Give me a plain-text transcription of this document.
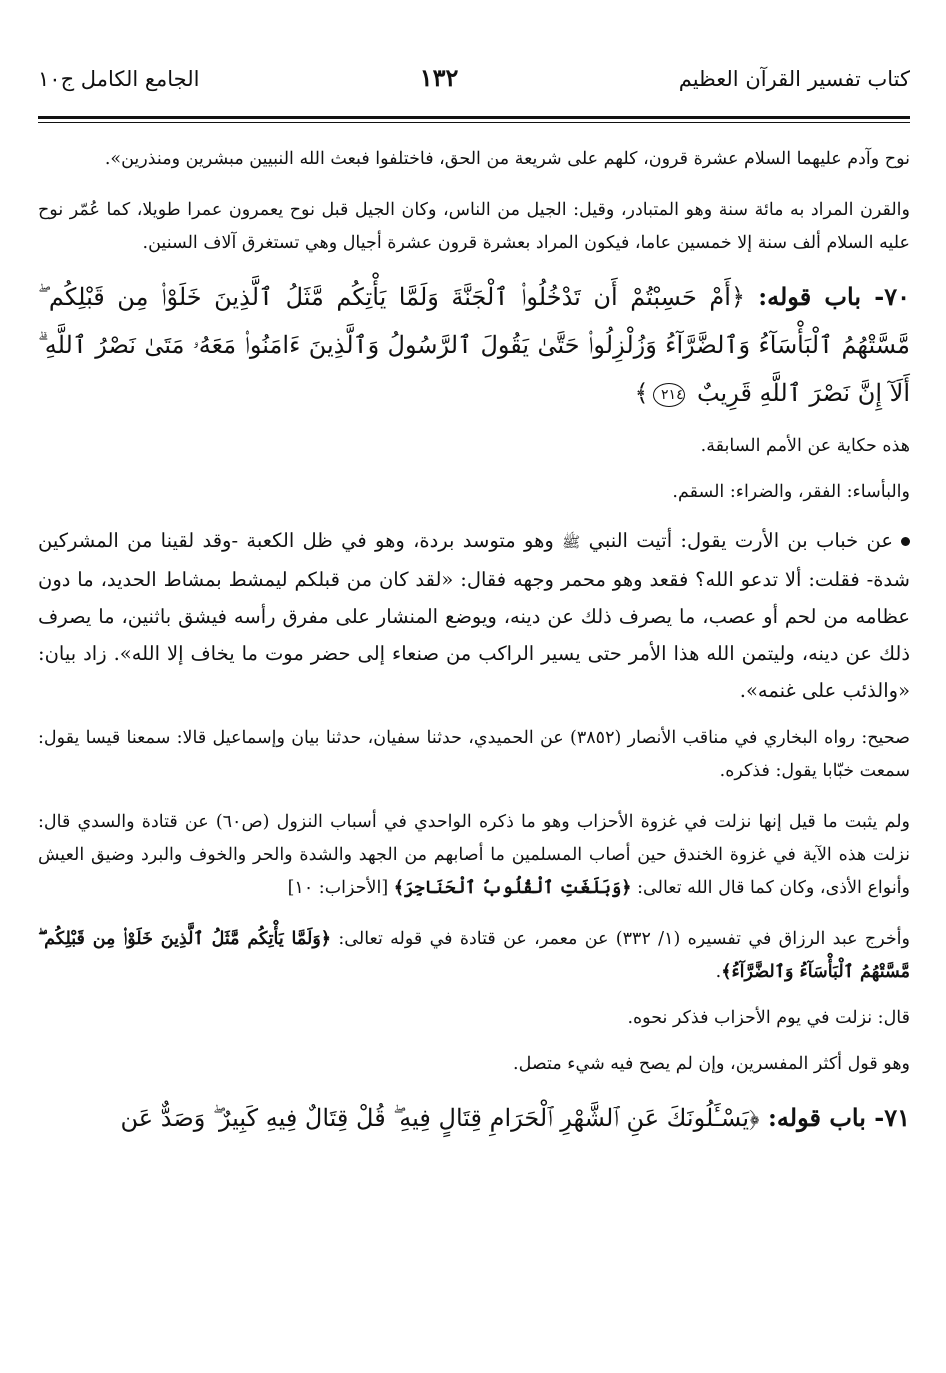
كتاب تفسير القرآن العظيم
١٣٢
الجامع الكامل ج١٠

نوح وآدم عليهما السلام عشرة قرون، كلهم على شريعة من الحق، فاختلفوا فبعث الله النبيين مبشرين ومنذرين».

والقرن المراد به مائة سنة وهو المتبادر، وقيل: الجيل من الناس، وكان الجيل قبل نوح يعمرون عمرا طويلا، كما عُمّر نوح عليه السلام ألف سنة إلا خمسين عاما، فيكون المراد بعشرة قرون عشرة أجيال وهي تستغرق آلاف السنين.

٧٠- باب قوله: ﴿أَمْ حَسِبْتُمْ أَن تَدْخُلُوا۟ ٱلْجَنَّةَ وَلَمَّا يَأْتِكُم مَّثَلُ ٱلَّذِينَ خَلَوْا۟ مِن قَبْلِكُم ۖ مَّسَّتْهُمُ ٱلْبَأْسَآءُ وَٱلضَّرَّآءُ وَزُلْزِلُوا۟ حَتَّىٰ يَقُولَ ٱلرَّسُولُ وَٱلَّذِينَ ءَامَنُوا۟ مَعَهُۥ مَتَىٰ نَصْرُ ٱللَّهِ ۗ أَلَآ إِنَّ نَصْرَ ٱللَّهِ قَرِيبٌ ٢١٤﴾

هذه حكاية عن الأمم السابقة.

والبأساء: الفقر، والضراء: السقم.

عن خباب بن الأرت يقول: أتيت النبي ﷺ وهو متوسد بردة، وهو في ظل الكعبة -وقد لقينا من المشركين شدة- فقلت: ألا تدعو الله؟ فقعد وهو محمر وجهه فقال: «لقد كان من قبلكم ليمشط بمشاط الحديد، ما دون عظامه من لحم أو عصب، ما يصرف ذلك عن دينه، ويوضع المنشار على مفرق رأسه فيشق باثنين، ما يصرف ذلك عن دينه، وليتمن الله هذا الأمر حتى يسير الراكب من صنعاء إلى حضر موت ما يخاف إلا الله». زاد بيان: «والذئب على غنمه».

صحيح: رواه البخاري في مناقب الأنصار (٣٨٥٢) عن الحميدي، حدثنا سفيان، حدثنا بيان وإسماعيل قالا: سمعنا قيسا يقول: سمعت خبّابا يقول: فذكره.

ولم يثبت ما قيل إنها نزلت في غزوة الأحزاب وهو ما ذكره الواحدي في أسباب النزول (ص٦٠) عن قتادة والسدي قال: نزلت هذه الآية في غزوة الخندق حين أصاب المسلمين ما أصابهم من الجهد والشدة والحر والخوف والبرد وضيق العيش وأنواع الأذى، وكان كما قال الله تعالى: ﴿وَبَلَغَتِ ٱلْقُلُوبُ ٱلْحَنَاجِرَ﴾ [الأحزاب: ١٠]

وأخرج عبد الرزاق في تفسيره (١/ ٣٣٢) عن معمر، عن قتادة في قوله تعالى: ﴿وَلَمَّا يَأْتِكُم مَّثَلُ ٱلَّذِينَ خَلَوْا۟ مِن قَبْلِكُم ۖ مَّسَّتْهُمُ ٱلْبَأْسَآءُ وَٱلضَّرَّآءُ﴾.

قال: نزلت في يوم الأحزاب فذكر نحوه.

وهو قول أكثر المفسرين، وإن لم يصح فيه شيء متصل.

٧١- باب قوله: ﴿يَسْـَٔلُونَكَ عَنِ ٱلشَّهْرِ ٱلْحَرَامِ قِتَالٍ فِيهِ ۖ قُلْ قِتَالٌ فِيهِ كَبِيرٌ ۖ وَصَدٌّ عَن
